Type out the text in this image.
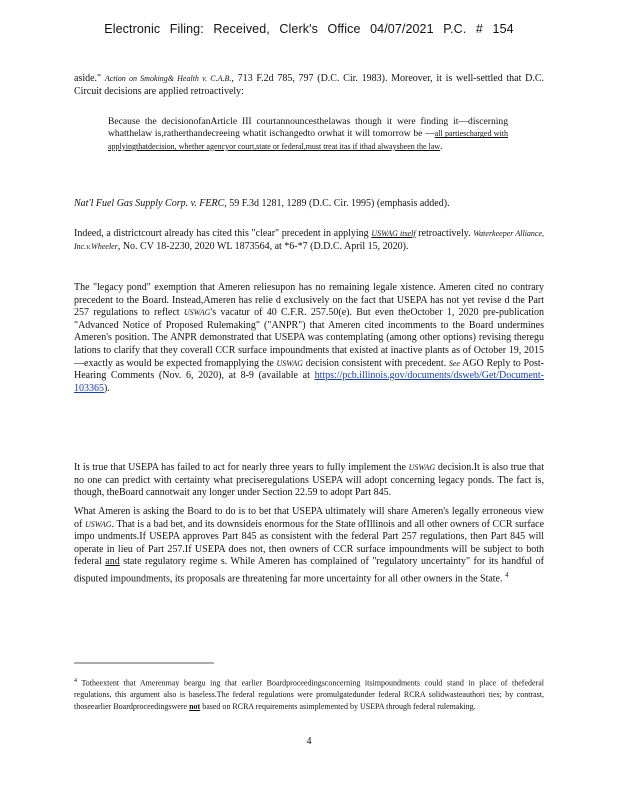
Electronic Filing: Received, Clerk's Office 04/07/2021 P.C. # 154
aside." Action on Smoking& Health v. C.A.B., 713 F.2d 785, 797 (D.C. Cir. 1983). Moreover, it is well-settled that D.C. Circuit decisions are applied retroactively:
Because the decisionofanArticle III courtannouncesthelawas though it were finding it—discerning whatthelaw is,ratherthandecreeing whatit ischangedto orwhat it will tomorrow be —all partiescharged with applyingthatdecision, whether agencyor court,state or federal,must treat itas if ithad alwaysbeen the law.
Nat'l Fuel Gas Supply Corp. v. FERC, 59 F.3d 1281, 1289 (D.C. Cir. 1995) (emphasis added).
Indeed, a districtcourt already has cited this "clear" precedent in applying USWAG itself retroactively. Waterkeeper Alliance, Inc.v.Wheeler, No. CV 18-2230, 2020 WL 1873564, at *6-*7 (D.D.C. April 15, 2020).
The "legacy pond" exemption that Ameren reliesupon has no remaining legale xistence. Ameren cited no contrary precedent to the Board. Instead,Ameren has relie d exclusively on the fact that USEPA has not yet revise d the Part 257 regulations to reflect USWAG's vacatur of 40 C.F.R. 257.50(e). But even theOctober 1, 2020 pre-publication "Advanced Notice of Proposed Rulemaking" ("ANPR") that Ameren cited incomments to the Board undermines Ameren's position. The ANPR demonstrated that USEPA was contemplating (among other options) revising theregu lations to clarify that they coverall CCR surface impoundments that existed at inactive plants as of October 19, 2015 —exactly as would be expected fromapplying the USWAG decision consistent with precedent. See AGO Reply to Post-Hearing Comments (Nov. 6, 2020), at 8-9 (available at https://pcb.illinois.gov/documents/dsweb/Get/Document-103365).
It is true that USEPA has failed to act for nearly three years to fully implement the USWAG decision.It is also true that no one can predict with certainty what preciseregulations USEPA will adopt concerning legacy ponds. The fact is, though, theBoard cannotwait any longer under Section 22.59 to adopt Part 845.
What Ameren is asking the Board to do is to bet that USEPA ultimately will share Ameren's legally erroneous view of USWAG. That is a bad bet, and its downsideis enormous for the State ofIllinois and all other owners of CCR surface impo undments.If USEPA approves Part 845 as consistent with the federal Part 257 regulations, then Part 845 will operate in lieu of Part 257.If USEPA does not, then owners of CCR surface impoundments will be subject to both federal and state regulatory regime s. While Ameren has complained of "regulatory uncertainty" for its handful of disputed impoundments, its proposals are threatening far more uncertainty for all other owners in the State. $^4$
$^4$ Totheextent that Amerenmay beargu ing that earlier Boardproceedingsconcerning itsimpoundments could stand in place of thefederal regulations, this argument also is baseless.The federal regulations were promulgatedunder federal RCRA solidwasteauthori ties; by contrast, thoseearlier Boardproceedingswere not based on RCRA requirements asimplemented by USEPA through federal rulemaking.
4
